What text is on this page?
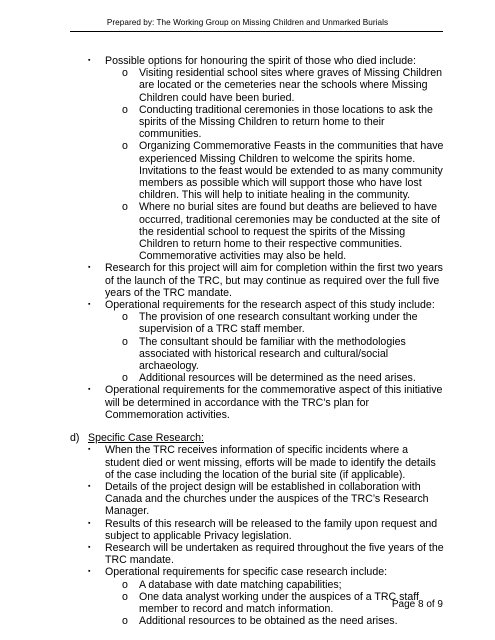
Prepared by: The Working Group on Missing Children and Unmarked Burials
▪	Possible options for honouring the spirit of those who died include:
o	Visiting residential school sites where graves of Missing Children are located or the cemeteries near the schools where Missing Children could have been buried.
o	Conducting traditional ceremonies in those locations to ask the spirits of the Missing Children to return home to their communities.
o	Organizing Commemorative Feasts in the communities that have experienced Missing Children to welcome the spirits home. Invitations to the feast would be extended to as many community members as possible which will support those who have lost children. This will help to initiate healing in the community.
o	Where no burial sites are found but deaths are believed to have occurred, traditional ceremonies may be conducted at the site of the residential school to request the spirits of the Missing Children to return home to their respective communities. Commemorative activities may also be held.
▪	Research for this project will aim for completion within the first two years of the launch of the TRC, but may continue as required over the full five years of the TRC mandate.
▪	Operational requirements for the research aspect of this study include:
o	The provision of one research consultant working under the supervision of a TRC staff member.
o	The consultant should be familiar with the methodologies associated with historical research and cultural/social archaeology.
o	Additional resources will be determined as the need arises.
▪	Operational requirements for the commemorative aspect of this initiative will be determined in accordance with the TRC’s plan for Commemoration activities.
d) Specific Case Research:
▪	When the TRC receives information of specific incidents where a student died or went missing, efforts will be made to identify the details of the case including the location of the burial site (if applicable).
▪	Details of the project design will be established in collaboration with Canada and the churches under the auspices of the TRC’s Research Manager.
▪	Results of this research will be released to the family upon request and subject to applicable Privacy legislation.
▪	Research will be undertaken as required throughout the five years of the TRC mandate.
▪	Operational requirements for specific case research include:
o	A database with date matching capabilities;
o	One data analyst working under the auspices of a TRC staff member to record and match information.
o	Additional resources to be obtained as the need arises.
Page 8 of 9
